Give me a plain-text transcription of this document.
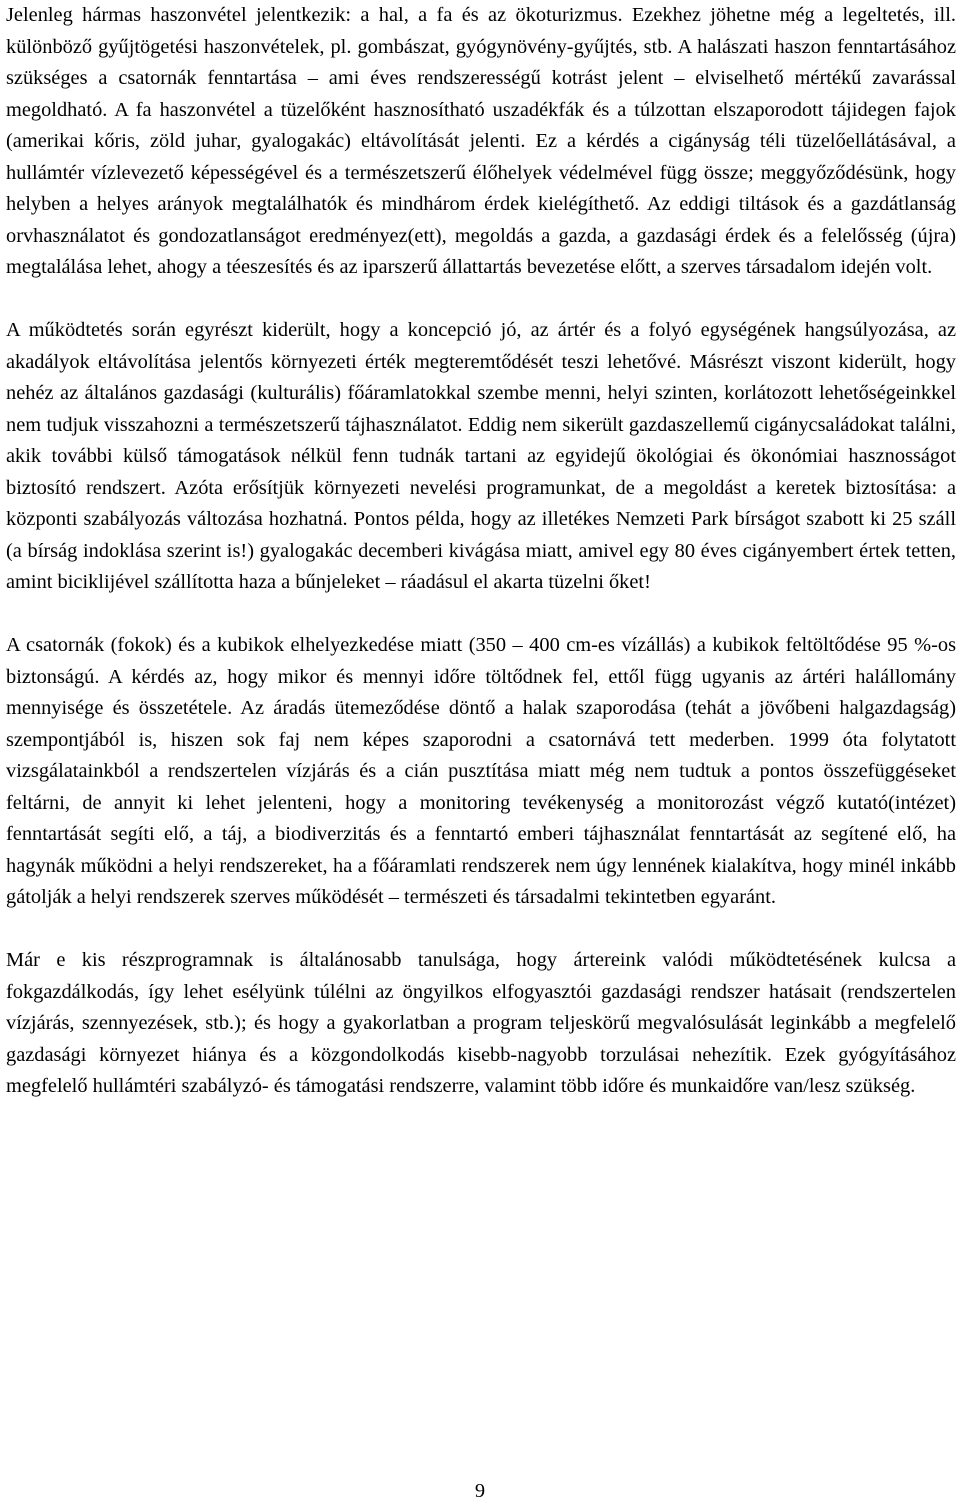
Jelenleg hármas haszonvétel jelentkezik: a hal, a fa és az ökoturizmus. Ezekhez jöhetne még a legeltetés, ill. különböző gyűjtögetési haszonvételek, pl. gombászat, gyógynövény-gyűjtés, stb. A halászati haszon fenntartásához szükséges a csatornák fenntartása – ami éves rendszerességű kotrást jelent – elviselhető mértékű zavarással megoldható. A fa haszonvétel a tüzelőként hasznosítható uszadékfák és a túlzottan elszaporodott tájidegen fajok (amerikai kőris, zöld juhar, gyalogakác) eltávolítását jelenti. Ez a kérdés a cigányság téli tüzelőellátásával, a hullámtér vízlevezető képességével és a természetszerű élőhelyek védelmével függ össze; meggyőződésünk, hogy helyben a helyes arányok megtalálhatók és mindhárom érdek kielégíthető. Az eddigi tiltások és a gazdátlanság orvhasználatot és gondozatlanságot eredményez(ett), megoldás a gazda, a gazdasági érdek és a felelősség (újra) megtalálása lehet, ahogy a téeszesítés és az iparszerű állattartás bevezetése előtt, a szerves társadalom idején volt.

A működtetés során egyrészt kiderült, hogy a koncepció jó, az ártér és a folyó egységének hangsúlyozása, az akadályok eltávolítása jelentős környezeti érték megteremtődését teszi lehetővé. Másrészt viszont kiderült, hogy nehéz az általános gazdasági (kulturális) főáramlatokkal szembe menni, helyi szinten, korlátozott lehetőségeinkkel nem tudjuk visszahozni a természetszerű tájhasználatot. Eddig nem sikerült gazdaszellemű cigánycsaládokat találni, akik további külső támogatások nélkül fenn tudnák tartani az egyidejű ökológiai és ökonómiai hasznosságot biztosító rendszert. Azóta erősítjük környezeti nevelési programunkat, de a megoldást a keretek biztosítása: a központi szabályozás változása hozhatná. Pontos példa, hogy az illetékes Nemzeti Park bírságot szabott ki 25 száll (a bírság indoklása szerint is!) gyalogakác decemberi kivágása miatt, amivel egy 80 éves cigányembert értek tetten, amint biciklijével szállította haza a bűnjeleket – ráadásul el akarta tüzelni őket!

A csatornák (fokok) és a kubikok elhelyezkedése miatt (350 – 400 cm-es vízállás) a kubikok feltöltődése 95 %-os biztonságú. A kérdés az, hogy mikor és mennyi időre töltődnek fel, ettől függ ugyanis az ártéri halállomány mennyisége és összetétele. Az áradás ütemeződése döntő a halak szaporodása (tehát a jövőbeni halgazdagság) szempontjából is, hiszen sok faj nem képes szaporodni a csatornává tett mederben. 1999 óta folytatott vizsgálatainkból a rendszertelen vízjárás és a cián pusztítása miatt még nem tudtuk a pontos összefüggéseket feltárni, de annyit ki lehet jelenteni, hogy a monitoring tevékenység a monitorozást végző kutató(intézet) fenntartását segíti elő, a táj, a biodiverzitás és a fenntartó emberi tájhasználat fenntartását az segítené elő, ha hagynák működni a helyi rendszereket, ha a főáramlati rendszerek nem úgy lennének kialakítva, hogy minél inkább gátolják a helyi rendszerek szerves működését – természeti és társadalmi tekintetben egyaránt.

Már e kis részprogramnak is általánosabb tanulsága, hogy ártereink valódi működtetésének kulcsa a fokgazdálkodás, így lehet esélyünk túlélni az öngyilkos elfogyasztói gazdasági rendszer hatásait (rendszertelen vízjárás, szennyezések, stb.); és hogy a gyakorlatban a program teljeskörű megvalósulását leginkább a megfelelő gazdasági környezet hiánya és a közgondolkodás kisebb-nagyobb torzulásai nehezítik. Ezek gyógyításához megfelelő hullámtéri szabályzó- és támogatási rendszerre, valamint több időre és munkaidőre van/lesz szükség.

9
